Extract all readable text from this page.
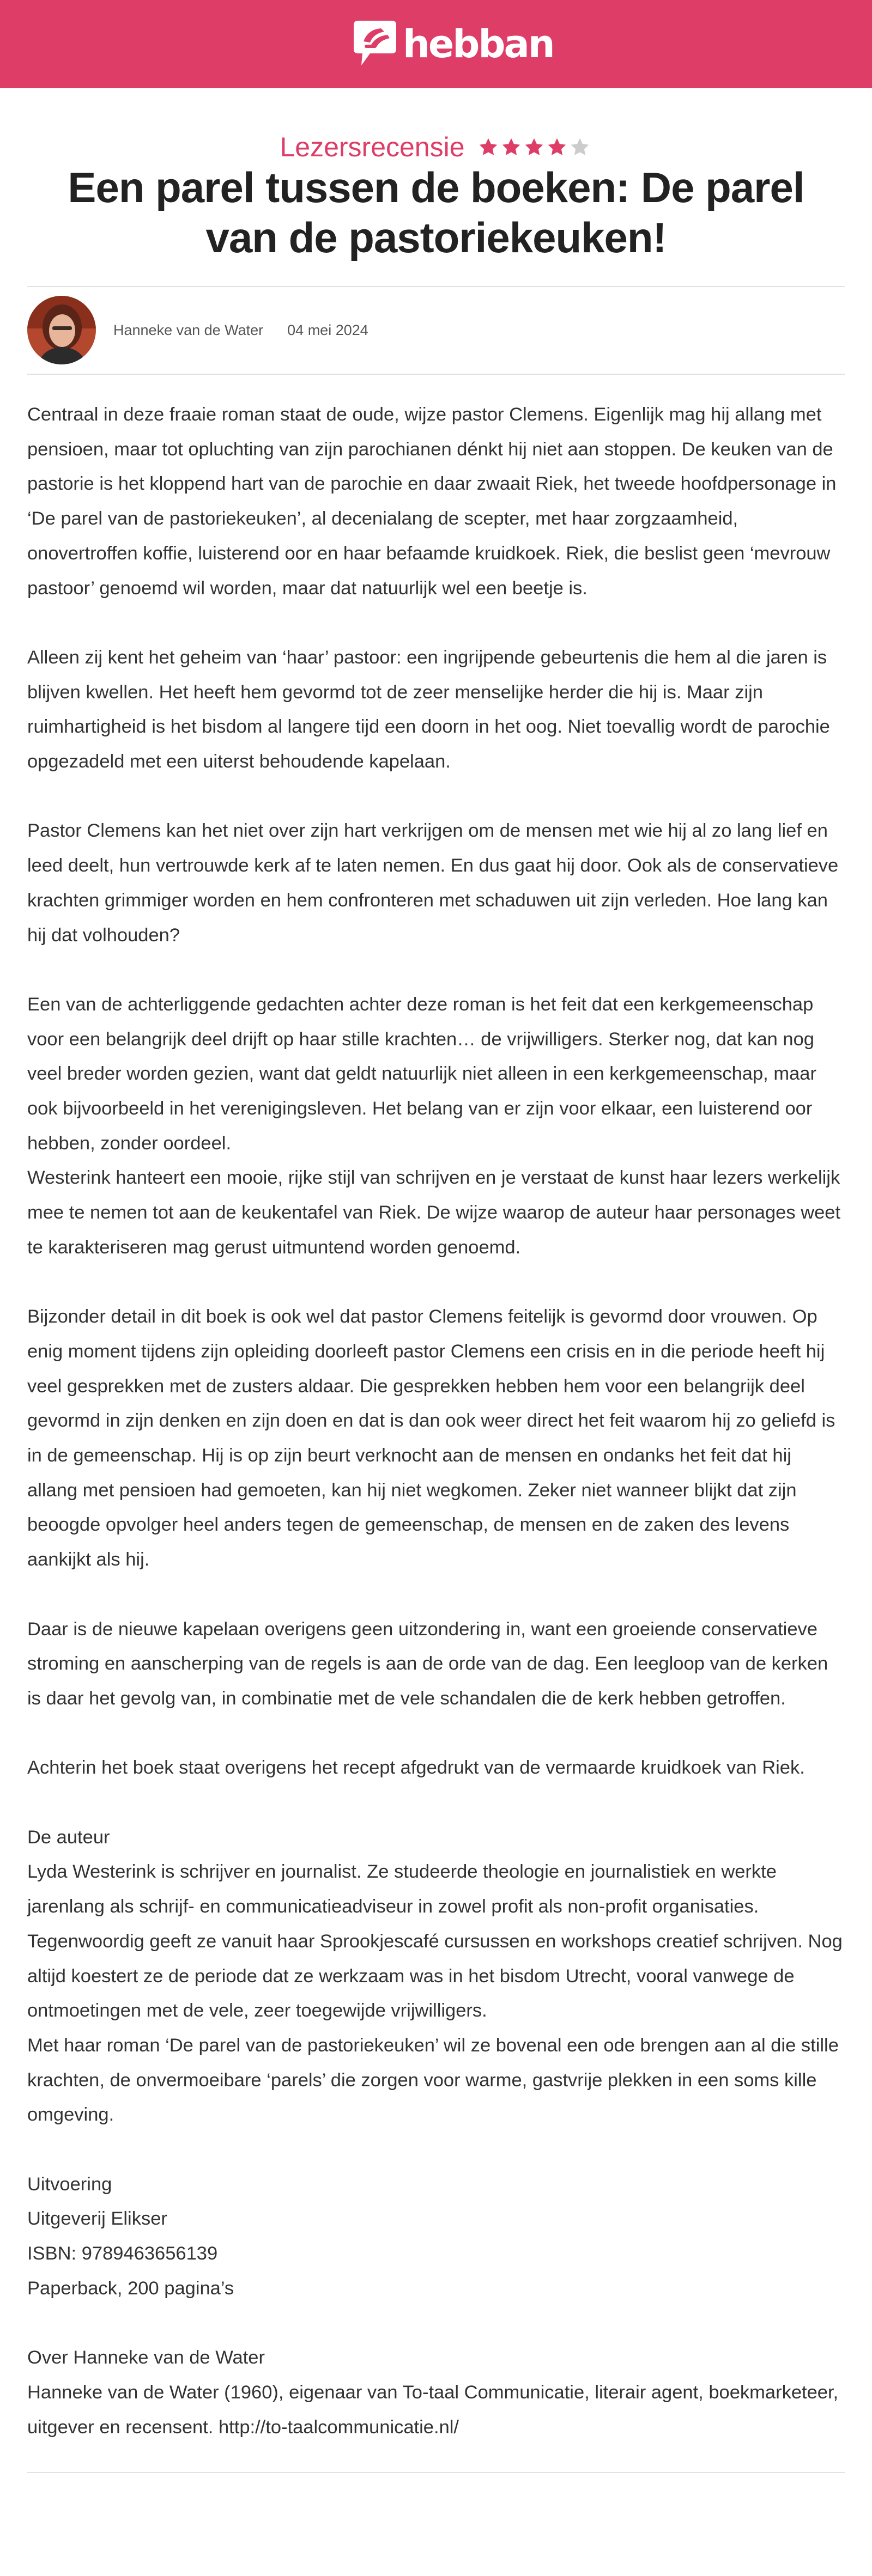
hebban
Lezersrecensie
Een parel tussen de boeken: De parel van de pastoriekeuken!
Hanneke van de Water 04 mei 2024

Centraal in deze fraaie roman staat de oude, wijze pastor Clemens. Eigenlijk mag hij allang met pensioen, maar tot opluchting van zijn parochianen dénkt hij niet aan stoppen. De keuken van de pastorie is het kloppend hart van de parochie en daar zwaait Riek, het tweede hoofdpersonage in ‘De parel van de pastoriekeuken’, al decenialang de scepter, met haar zorgzaamheid, onovertroffen koffie, luisterend oor en haar befaamde kruidkoek. Riek, die beslist geen ‘mevrouw pastoor’ genoemd wil worden, maar dat natuurlijk wel een beetje is.

Alleen zij kent het geheim van ‘haar’ pastoor: een ingrijpende gebeurtenis die hem al die jaren is blijven kwellen. Het heeft hem gevormd tot de zeer menselijke herder die hij is. Maar zijn ruimhartigheid is het bisdom al langere tijd een doorn in het oog. Niet toevallig wordt de parochie opgezadeld met een uiterst behoudende kapelaan.

Pastor Clemens kan het niet over zijn hart verkrijgen om de mensen met wie hij al zo lang lief en leed deelt, hun vertrouwde kerk af te laten nemen. En dus gaat hij door. Ook als de conservatieve krachten grimmiger worden en hem confronteren met schaduwen uit zijn verleden. Hoe lang kan hij dat volhouden?

Een van de achterliggende gedachten achter deze roman is het feit dat een kerkgemeenschap voor een belangrijk deel drijft op haar stille krachten… de vrijwilligers. Sterker nog, dat kan nog veel breder worden gezien, want dat geldt natuurlijk niet alleen in een kerkgemeenschap, maar ook bijvoorbeeld in het verenigingsleven. Het belang van er zijn voor elkaar, een luisterend oor hebben, zonder oordeel.

Westerink hanteert een mooie, rijke stijl van schrijven en je verstaat de kunst haar lezers werkelijk mee te nemen tot aan de keukentafel van Riek. De wijze waarop de auteur haar personages weet te karakteriseren mag gerust uitmuntend worden genoemd.

Bijzonder detail in dit boek is ook wel dat pastor Clemens feitelijk is gevormd door vrouwen. Op enig moment tijdens zijn opleiding doorleeft pastor Clemens een crisis en in die periode heeft hij veel gesprekken met de zusters aldaar. Die gesprekken hebben hem voor een belangrijk deel gevormd in zijn denken en zijn doen en dat is dan ook weer direct het feit waarom hij zo geliefd is in de gemeenschap. Hij is op zijn beurt verknocht aan de mensen en ondanks het feit dat hij allang met pensioen had gemoeten, kan hij niet wegkomen. Zeker niet wanneer blijkt dat zijn beoogde opvolger heel anders tegen de gemeenschap, de mensen en de zaken des levens aankijkt als hij.

Daar is de nieuwe kapelaan overigens geen uitzondering in, want een groeiende conservatieve stroming en aanscherping van de regels is aan de orde van de dag. Een leegloop van de kerken is daar het gevolg van, in combinatie met de vele schandalen die de kerk hebben getroffen.

Achterin het boek staat overigens het recept afgedrukt van de vermaarde kruidkoek van Riek.

De auteur

Lyda Westerink is schrijver en journalist. Ze studeerde theologie en journalistiek en werkte jarenlang als schrijf- en communicatieadviseur in zowel profit als non-profit organisaties. Tegenwoordig geeft ze vanuit haar Sprookjescafé cursussen en workshops creatief schrijven. Nog altijd koestert ze de periode dat ze werkzaam was in het bisdom Utrecht, vooral vanwege de ontmoetingen met de vele, zeer toegewijde vrijwilligers.

Met haar roman ‘De parel van de pastoriekeuken’ wil ze bovenal een ode brengen aan al die stille krachten, de onvermoeibare ‘parels’ die zorgen voor warme, gastvrije plekken in een soms kille omgeving.

Uitvoering

Uitgeverij Elikser

ISBN: 9789463656139

Paperback, 200 pagina’s

Over Hanneke van de Water

Hanneke van de Water (1960), eigenaar van To-taal Communicatie, literair agent, boekmarketeer, uitgever en recensent. http://to-taalcommunicatie.nl/
